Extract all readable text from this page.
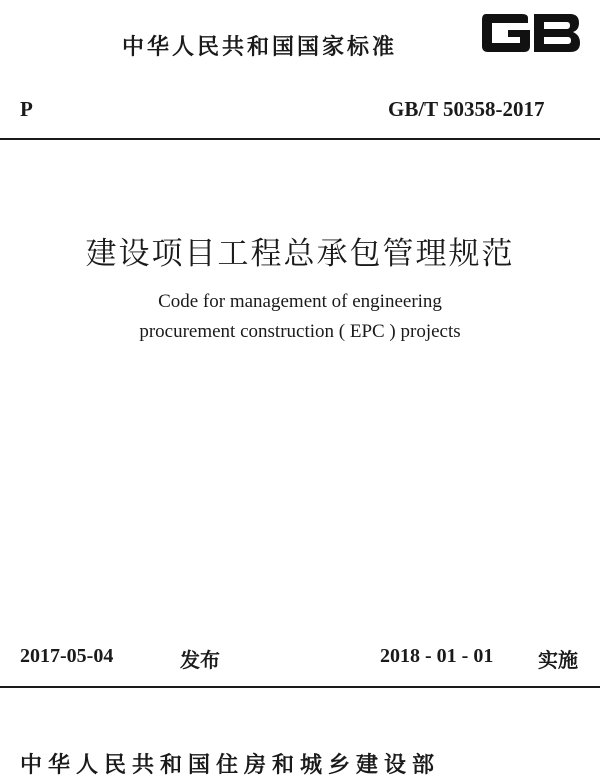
中华人民共和国国家标准
P	GB/T 50358-2017
建设项目工程总承包管理规范
Code for management of engineering
procurement construction ( EPC ) projects
2017-05-04	发布	2018 - 01 - 01 实施
中华人民共和国住房和城乡建设部
